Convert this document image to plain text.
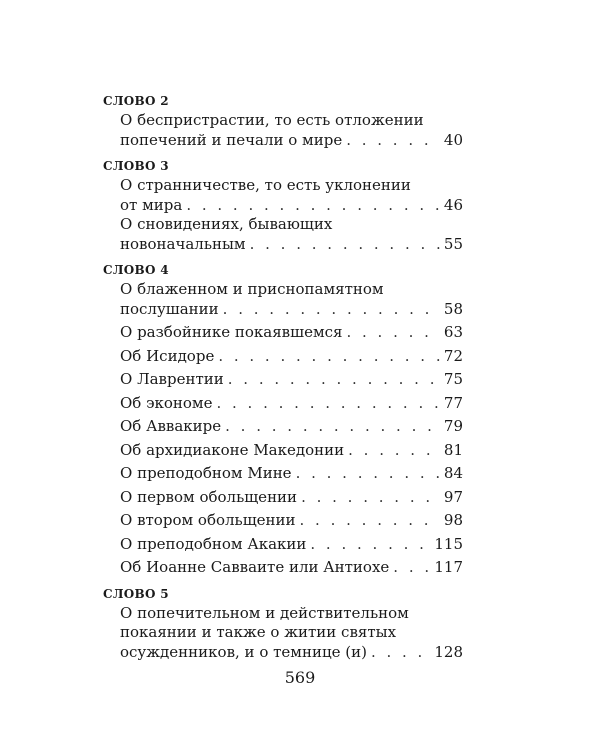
СЛОВО 2
О беспристрастии, то есть отложении
попечений и печали о мире . . .	40
СЛОВО 3
О странничестве, то есть уклонении
от мира . . .	46
О сновидениях, бывающих
новоначальным . . .	55
СЛОВО 4
О блаженном и приснопамятном
послушании . . .	58
О разбойнике покаявшемся . . .	63
Об Исидоре . . .	72
О Лаврентии . . .	75
Об экономе . . .	77
Об Аввакире . . .	79
Об архидиаконе Македонии . . .	81
О преподобном Мине . . .	84
О первом обольщении . . .	97
О втором обольщении . . .	98
О преподобном Акакии . . .	115
Об Иоанне Савваите или Антиохе . . .	117
СЛОВО 5
О попечительном и действительном
покаянии и также о житии святых
осужденников, и о темнице (и) . . .	128
569
